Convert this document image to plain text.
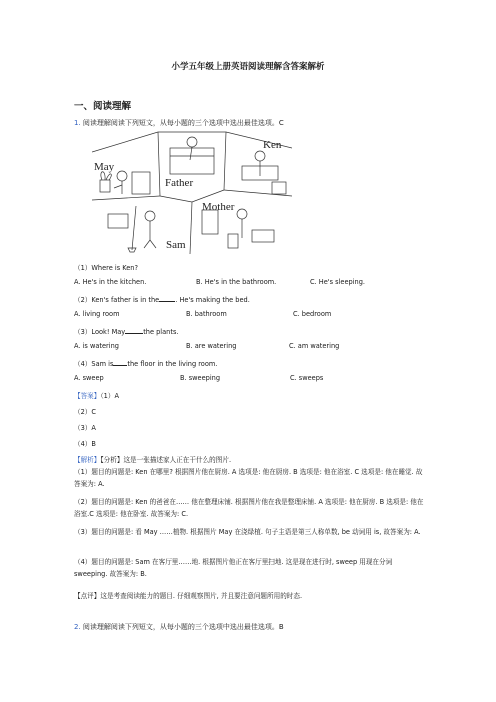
小学五年级上册英语阅读理解含答案解析
一、阅读理解
1. 阅读理解阅读下列短文，从每小题的三个选项中选出最佳选项。C
May
Father
Ken
Mother
Sam
（1）Where is Ken?
A. He's in the kitchen.	B. He's in the bathroom.	C. He's sleeping.
（2）Ken's father is in the . He's making the bed.
A. living room	B. bathroom	C. bedroom
（3）Look! May	the plants.
A. is watering	B. are watering	C. am watering
（4）Sam is the floor in the living room.
A. sweep	B. sweeping	C. sweeps
【答案】（1）A
（2）C
（3）A
（4）B
【解析】【分析】这是一张描述家人正在干什么的图片.
（1）题目的问题是: Ken 在哪里? 根据图片他在厨房. A 选项是: 他在厨房. B 选项是: 他在浴室. C 选项是: 他在睡觉. 故答案为: A.
（2）题目的问题是: Ken 的爸爸在…… 他在整理床铺. 根据图片他在我是整理床铺. A 选项是: 他在厨房. B 选项是: 他在浴室.C 选项是: 他在卧室. 故答案为: C.
（3）题目的问题是: 看 May ……植物. 根据图片 May 在浇绿植. 句子主语是第三人称单数, be 动词用 is, 故答案为: A.
（4）题目的问题是: Sam 在客厅里……地. 根据图片他正在客厅里扫地. 这是现在进行时, sweep 用现在分词 sweeping. 故答案为: B.
【点评】这是考查阅读能力的题目. 仔细观察图片, 并且要注意问题所用的时态.
2. 阅读理解阅读下列短文，从每小题的三个选项中选出最佳选项。B
